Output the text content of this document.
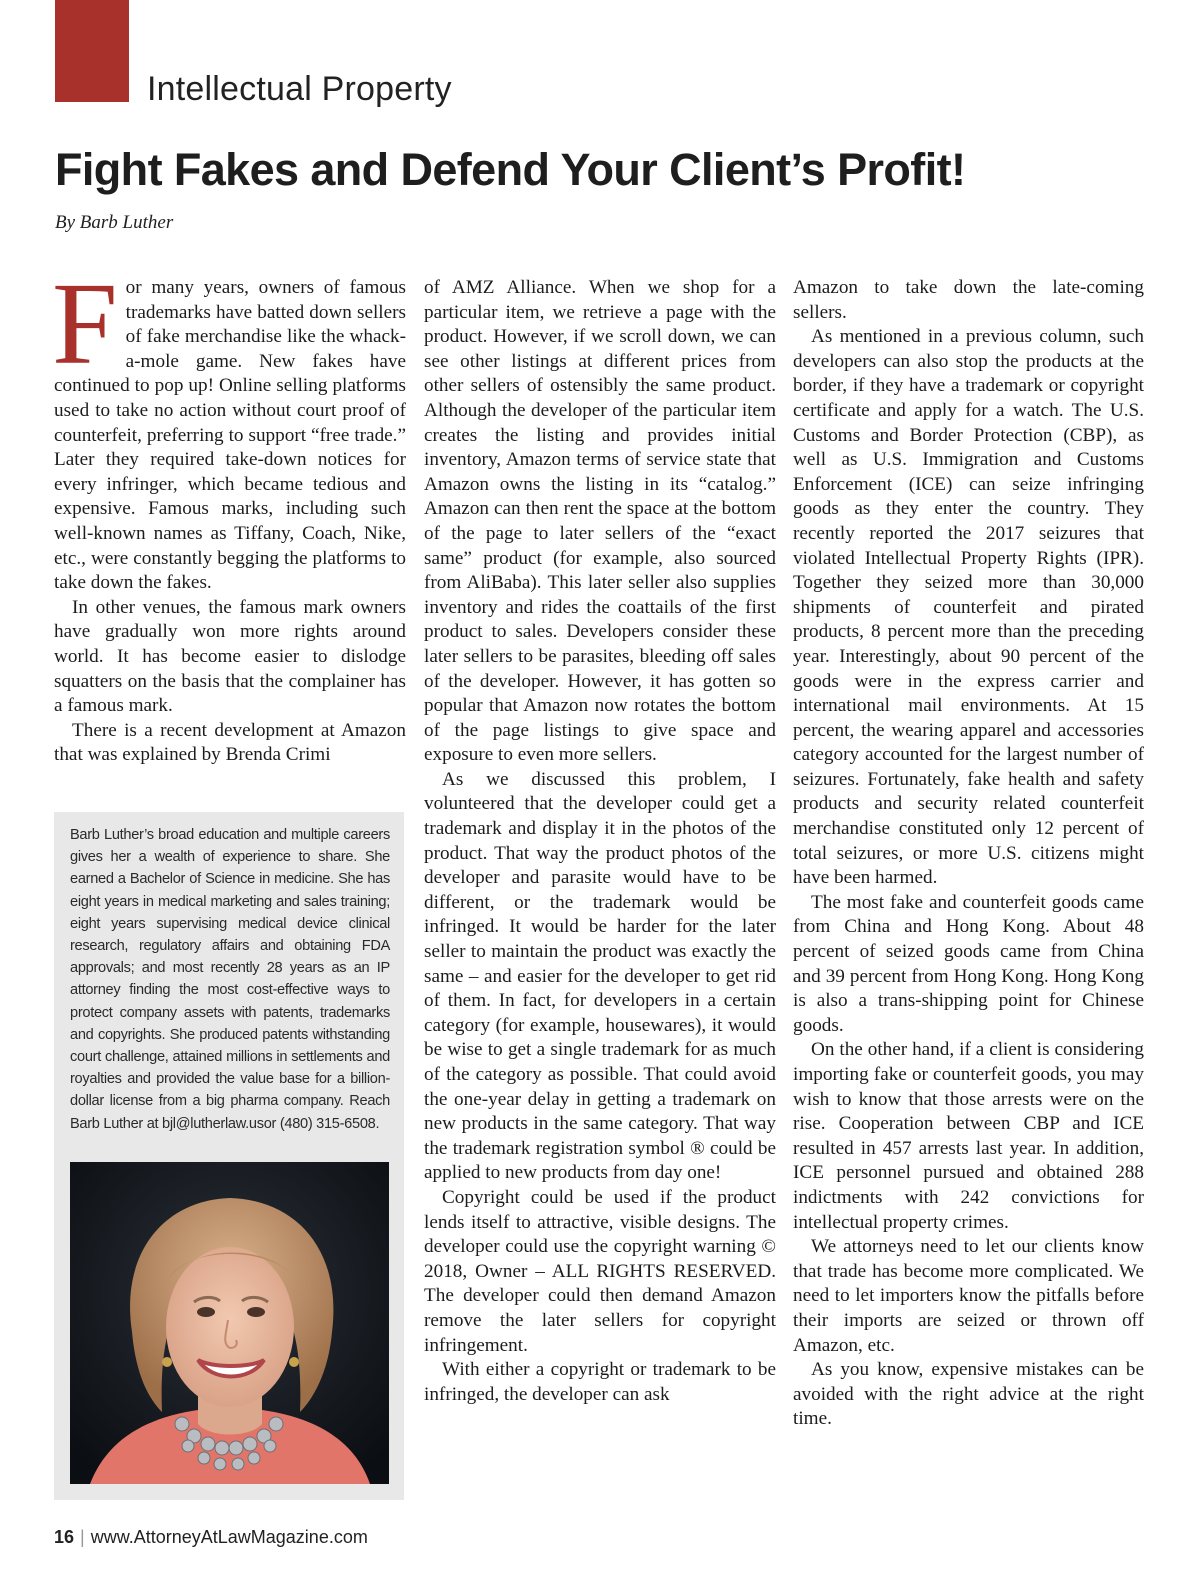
Intellectual Property
Fight Fakes and Defend Your Client’s Profit!
By Barb Luther

For many years, owners of famous trademarks have batted down sellers of fake merchandise like the whack-a-mole game. New fakes have continued to pop up! Online selling platforms used to take no action without court proof of counterfeit, preferring to support “free trade.” Later they required take-down notices for every infringer, which became tedious and expensive. Famous marks, including such well-known names as Tiffany, Coach, Nike, etc., were constantly begging the platforms to take down the fakes.

In other venues, the famous mark owners have gradually won more rights around world. It has become easier to dislodge squatters on the basis that the complainer has a famous mark.

There is a recent development at Amazon that was explained by Brenda Crimi

Barb Luther’s broad education and multiple careers gives her a wealth of experience to share. She earned a Bachelor of Science in medicine. She has eight years in medical marketing and sales training; eight years supervising medical device clinical research, regulatory affairs and obtaining FDA approvals; and most recently 28 years as an IP attorney finding the most cost-effective ways to protect company assets with patents, trademarks and copyrights. She produced patents withstanding court challenge, attained millions in settlements and royalties and provided the value base for a billion-dollar license from a big pharma company. Reach Barb Luther at bjl@lutherlaw.usor (480) 315-6508.

of AMZ Alliance. When we shop for a particular item, we retrieve a page with the product. However, if we scroll down, we can see other listings at different prices from other sellers of ostensibly the same product. Although the developer of the particular item creates the listing and provides initial inventory, Amazon terms of service state that Amazon owns the listing in its “catalog.” Amazon can then rent the space at the bottom of the page to later sellers of the “exact same” product (for example, also sourced from AliBaba). This later seller also supplies inventory and rides the coattails of the first product to sales. Developers consider these later sellers to be parasites, bleeding off sales of the developer. However, it has gotten so popular that Amazon now rotates the bottom of the page listings to give space and exposure to even more sellers.

As we discussed this problem, I volunteered that the developer could get a trademark and display it in the photos of the product. That way the product photos of the developer and parasite would have to be different, or the trademark would be infringed. It would be harder for the later seller to maintain the product was exactly the same – and easier for the developer to get rid of them. In fact, for developers in a certain category (for example, housewares), it would be wise to get a single trademark for as much of the category as possible. That could avoid the one-year delay in getting a trademark on new products in the same category. That way the trademark registration symbol ® could be applied to new products from day one!

Copyright could be used if the product lends itself to attractive, visible designs. The developer could use the copyright warning © 2018, Owner – ALL RIGHTS RESERVED. The developer could then demand Amazon remove the later sellers for copyright infringement.

With either a copyright or trademark to be infringed, the developer can ask

Amazon to take down the late-coming sellers.

As mentioned in a previous column, such developers can also stop the products at the border, if they have a trademark or copyright certificate and apply for a watch. The U.S. Customs and Border Protection (CBP), as well as U.S. Immigration and Customs Enforcement (ICE) can seize infringing goods as they enter the country. They recently reported the 2017 seizures that violated Intellectual Property Rights (IPR). Together they seized more than 30,000 shipments of counterfeit and pirated products, 8 percent more than the preceding year. Interestingly, about 90 percent of the goods were in the express carrier and international mail environments. At 15 percent, the wearing apparel and accessories category accounted for the largest number of seizures. Fortunately, fake health and safety products and security related counterfeit merchandise constituted only 12 percent of total seizures, or more U.S. citizens might have been harmed.

The most fake and counterfeit goods came from China and Hong Kong. About 48 percent of seized goods came from China and 39 percent from Hong Kong. Hong Kong is also a trans-shipping point for Chinese goods.

On the other hand, if a client is considering importing fake or counterfeit goods, you may wish to know that those arrests were on the rise. Cooperation between CBP and ICE resulted in 457 arrests last year. In addition, ICE personnel pursued and obtained 288 indictments with 242 convictions for intellectual property crimes.

We attorneys need to let our clients know that trade has become more complicated. We need to let importers know the pitfalls before their imports are seized or thrown off Amazon, etc.

As you know, expensive mistakes can be avoided with the right advice at the right time.

16 | www.AttorneyAtLawMagazine.com
